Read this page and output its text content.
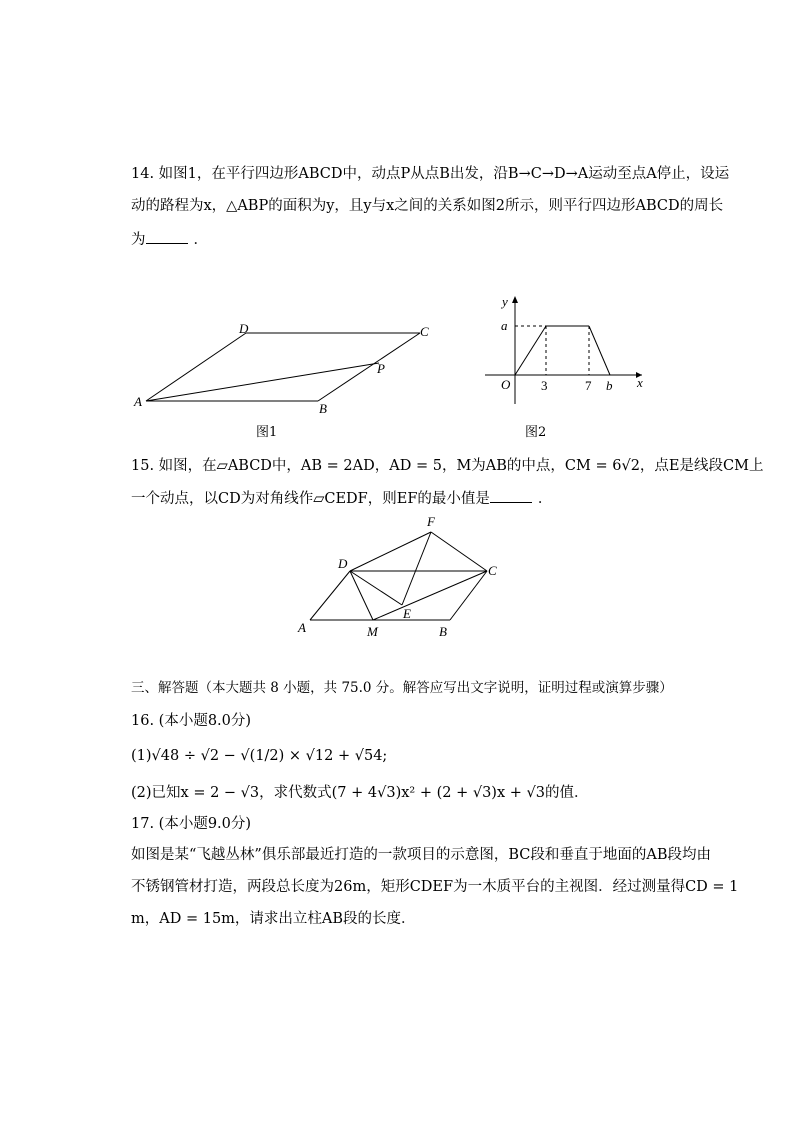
14. 如图1，在平行四边形ABCD中，动点P从点B出发，沿B→C→D→A运动至点A停止，设运
动的路程为x，△ABP的面积为y，且y与x之间的关系如图2所示，则平行四边形ABCD的周长
为	．
A	B
C
D
P
图1
y
x
O
a
3	7 b
图2
15. 如图，在▱ABCD中，AB = 2AD，AD = 5，M为AB的中点，CM = 6√2，点E是线段CM上
一个动点，以CD为对角线作▱CEDF，则EF的最小值是	．
A	B
C
D
E
F
M
三、解答题（本大题共 8 小题，共 75.0 分。解答应写出文字说明，证明过程或演算步骤）
16. (本小题8.0分)
(1)√48 ÷ √2 − √(1/2) × √12 + √54;
(2)已知x = 2 − √3，求代数式(7 + 4√3)x² + (2 + √3)x + √3的值．
17. (本小题9.0分)
如图是某“飞越丛林”俱乐部最近打造的一款项目的示意图，BC段和垂直于地面的AB段均由
不锈钢管材打造，两段总长度为26m，矩形CDEF为一木质平台的主视图．经过测量得CD = 1
m，AD = 15m，请求出立柱AB段的长度．
